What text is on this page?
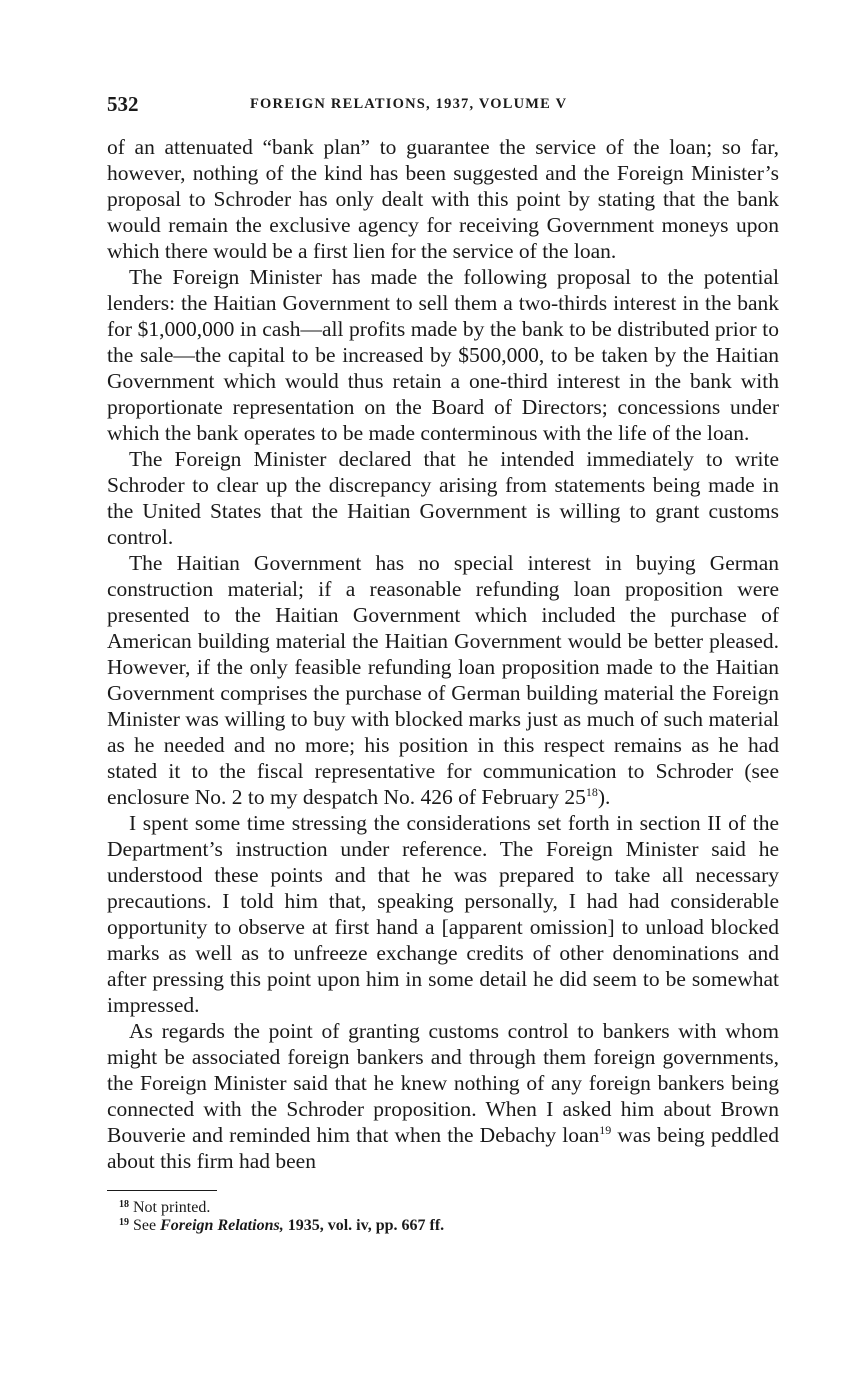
532	FOREIGN RELATIONS, 1937, VOLUME V

of an attenuated “bank plan” to guarantee the service of the loan; so far, however, nothing of the kind has been suggested and the Foreign Minister’s proposal to Schroder has only dealt with this point by stating that the bank would remain the exclusive agency for receiving Government moneys upon which there would be a first lien for the service of the loan.

The Foreign Minister has made the following proposal to the potential lenders: the Haitian Government to sell them a two-thirds interest in the bank for $1,000,000 in cash—all profits made by the bank to be distributed prior to the sale—the capital to be increased by $500,000, to be taken by the Haitian Government which would thus retain a one-third interest in the bank with proportionate representation on the Board of Directors; concessions under which the bank operates to be made conterminous with the life of the loan.

The Foreign Minister declared that he intended immediately to write Schroder to clear up the discrepancy arising from statements being made in the United States that the Haitian Government is willing to grant customs control.

The Haitian Government has no special interest in buying German construction material; if a reasonable refunding loan proposition were presented to the Haitian Government which included the purchase of American building material the Haitian Government would be better pleased. However, if the only feasible refunding loan proposition made to the Haitian Government comprises the purchase of German building material the Foreign Minister was willing to buy with blocked marks just as much of such material as he needed and no more; his position in this respect remains as he had stated it to the fiscal representative for communication to Schroder (see enclosure No. 2 to my despatch No. 426 of February $25^{18}$).

I spent some time stressing the considerations set forth in section II of the Department’s instruction under reference. The Foreign Minister said he understood these points and that he was prepared to take all necessary precautions. I told him that, speaking personally, I had had considerable opportunity to observe at first hand a [apparent omission] to unload blocked marks as well as to unfreeze exchange credits of other denominations and after pressing this point upon him in some detail he did seem to be somewhat impressed.

As regards the point of granting customs control to bankers with whom might be associated foreign bankers and through them foreign governments, the Foreign Minister said that he knew nothing of any foreign bankers being connected with the Schroder proposition. When I asked him about Brown Bouverie and reminded him that when the Debachy loan$^{19}$ was being peddled about this firm had been

$^{18}$ Not printed.
$^{19}$ See Foreign Relations, 1935, vol. iv, pp. 667 ff.
